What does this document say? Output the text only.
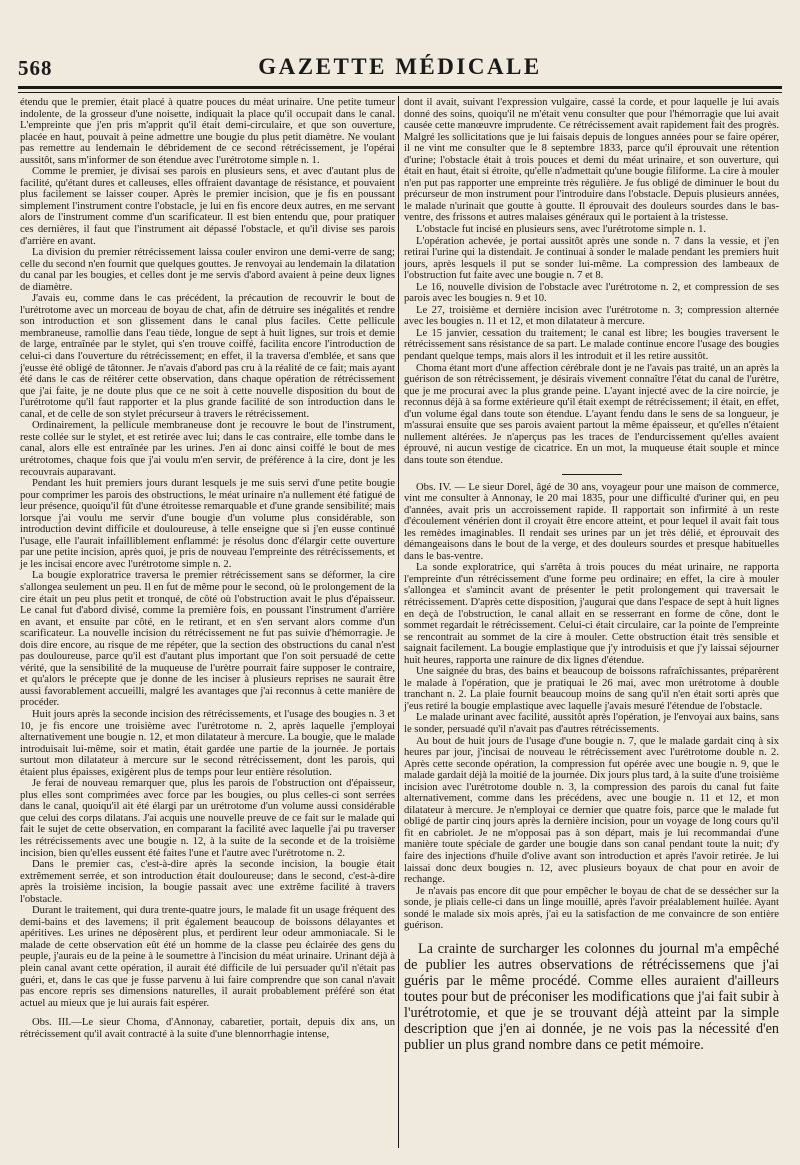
568	GAZETTE MÉDICALE

étendu que le premier, était placé à quatre pouces du méat urinaire. Une petite tumeur indolente, de la grosseur d'une noisette, indiquait la place qu'il occupait dans le canal. L'empreinte que j'en pris m'apprit qu'il était demi-circulaire, et que son ouverture, placée en haut, pouvait à peine admettre une bougie du plus petit diamètre. Ne voulant pas remettre au lendemain le débridement de ce second rétrécissement, je l'opérai aussitôt, sans m'informer de son étendue avec l'urétrotome simple n. 1.

Comme le premier, je divisai ses parois en plusieurs sens, et avec d'autant plus de facilité, qu'étant dures et calleuses, elles offraient davantage de résistance, et pouvaient plus facilement se laisser couper. Après le premier incision, que je fis en poussant simplement l'instrument contre l'obstacle, je lui en fis encore deux autres, en me servant alors de l'instrument comme d'un scarificateur. Il est bien entendu que, pour pratiquer ces dernières, il faut que l'instrument ait dépassé l'obstacle, et qu'il divise ses parois d'arrière en avant.

La division du premier rétrécissement laissa couler environ une demi-verre de sang; celle du second n'en fournit que quelques gouttes. Je renvoyai au lendemain la dilatation du canal par les bougies, et celles dont je me servis d'abord avaient à peine deux lignes de diamètre.

J'avais eu, comme dans le cas précédent, la précaution de recouvrir le bout de l'urétrotome avec un morceau de boyau de chat, afin de détruire ses inégalités et rendre son introduction et son glissement dans le canal plus faciles. Cette pellicule membraneuse, ramollie dans l'eau tiède, longue de sept à huit lignes, sur trois et demie de large, entraînée par le stylet, qui s'en trouve coiffé, facilita encore l'introduction de celui-ci dans l'ouverture du rétrécissement; en effet, il la traversa d'emblée, et sans que j'eusse été obligé de tâtonner. Je n'avais d'abord pas cru à la réalité de ce fait; mais ayant été dans le cas de réitérer cette observation, dans chaque opération de rétrécissement que j'ai faite, je ne doute plus que ce ne soit à cette nouvelle disposition du bout de l'urétrotome qu'il faut rapporter et la plus grande facilité de son introduction dans le canal, et de celle de son stylet précurseur à travers le rétrécissement.

Ordinairement, la pellicule membraneuse dont je recouvre le bout de l'instrument, reste collée sur le stylet, et est retirée avec lui; dans le cas contraire, elle tombe dans le canal, alors elle est entraînée par les urines. J'en ai donc ainsi coiffé le bout de mes urétrotomes, chaque fois que j'ai voulu m'en servir, de préférence à la cire, dont je les recouvrais auparavant.

Pendant les huit premiers jours durant lesquels je me suis servi d'une petite bougie pour comprimer les parois des obstructions, le méat urinaire n'a nullement été fatigué de leur présence, quoiqu'il fût d'une étroitesse remarquable et d'une grande sensibilité; mais lorsque j'ai voulu me servir d'une bougie d'un volume plus considérable, son introduction devint difficile et douloureuse, à telle enseigne que si j'en eusse continué l'usage, elle l'aurait infailliblement enflammé: je résolus donc d'élargir cette ouverture par une petite incision, après quoi, je pris de nouveau l'empreinte des rétrécissements, et je les incisai encore avec l'urétrotome simple n. 2.

La bougie exploratrice traversa le premier rétrécissement sans se déformer, la cire s'allongea seulement un peu. Il en fut de même pour le second, où le prolongement de la cire était un peu plus petit et tronqué, de côté où l'obstruction avait le plus d'épaisseur. Le canal fut d'abord divisé, comme la première fois, en poussant l'instrument d'arrière en avant, et ensuite par côté, en le retirant, et en s'en servant alors comme d'un scarificateur. La nouvelle incision du rétrécissement ne fut pas suivie d'hémorragie. Je dois dire encore, au risque de me répéter, que la section des obstructions du canal n'est pas douloureuse, parce qu'il est d'autant plus important que l'on soit persuadé de cette vérité, que la sensibilité de la muqueuse de l'urètre pourrait faire supposer le contraire, et qu'alors le précepte que je donne de les inciser à plusieurs reprises ne saurait être aussi favorablement accueilli, malgré les avantages que j'ai reconnus à cette manière de procéder.

Huit jours après la seconde incision des rétrécissements, et l'usage des bougies n. 3 et 10, je fis encore une troisième avec l'urétrotome n. 2, après laquelle j'employai alternativement une bougie n. 12, et mon dilatateur à mercure. La bougie, que le malade introduisait lui-même, soir et matin, était gardée une partie de la journée. Je portais surtout mon dilatateur à mercure sur le second rétrécissement, dont les parois, qui étaient plus épaisses, exigèrent plus de temps pour leur entière résolution.

Je ferai de nouveau remarquer que, plus les parois de l'obstruction ont d'épaisseur, plus elles sont comprimées avec force par les bougies, ou plus celles-ci sont serrées dans le canal, quoiqu'il ait été élargi par un urétrotome d'un volume aussi considérable que celui des corps dilatans. J'ai acquis une nouvelle preuve de ce fait sur le malade qui fait le sujet de cette observation, en comparant la facilité avec laquelle j'ai pu traverser les rétrécissements avec une bougie n. 12, à la suite de la seconde et de la troisième incision, bien qu'elles eussent été faites l'une et l'autre avec l'urétrotome n. 2.

Dans le premier cas, c'est-à-dire après la seconde incision, la bougie était extrêmement serrée, et son introduction était douloureuse; dans le second, c'est-à-dire après la troisième incision, la bougie passait avec une extrême facilité à travers l'obstacle.

Durant le traitement, qui dura trente-quatre jours, le malade fit un usage fréquent des demi-bains et des lavemens; il prit également beaucoup de boissons délayantes et apéritives. Les urines ne déposèrent plus, et perdirent leur odeur ammoniacale. Si le malade de cette observation eût été un homme de la classe peu éclairée des gens du peuple, j'aurais eu de la peine à le soumettre à l'incision du méat urinaire. Urinant déjà à plein canal avant cette opération, il aurait été difficile de lui persuader qu'il n'était pas guéri, et, dans le cas que je fusse parvenu à lui faire comprendre que son canal n'avait pas encore repris ses dimensions naturelles, il aurait probablement préféré son état actuel au mieux que je lui aurais fait espérer.

Obs. III.—Le sieur Choma, d'Annonay, cabaretier, portait, depuis dix ans, un rétrécissement qu'il avait contracté à la suite d'une blennorrhagie intense,

dont il avait, suivant l'expression vulgaire, cassé la corde, et pour laquelle je lui avais donné des soins, quoiqu'il ne m'était venu consulter que pour l'hémorragie que lui avait causée cette manœuvre imprudente. Ce rétrécissement avait rapidement fait des progrès. Malgré les sollicitations que je lui faisais depuis de longues années pour se faire opérer, il ne vint me consulter que le 8 septembre 1833, parce qu'il éprouvait une rétention d'urine; l'obstacle était à trois pouces et demi du méat urinaire, et son ouverture, qui était en haut, était si étroite, qu'elle n'admettait qu'une bougie filiforme. La cire à mouler n'en put pas rapporter une empreinte très régulière. Je fus obligé de diminuer le bout du précurseur de mon instrument pour l'introduire dans l'obstacle. Depuis plusieurs années, le malade n'urinait que goutte à goutte. Il éprouvait des douleurs sourdes dans le bas-ventre, des frissons et autres malaises généraux qui le portaient à la tristesse.

L'obstacle fut incisé en plusieurs sens, avec l'urétrotome simple n. 1.

L'opération achevée, je portai aussitôt après une sonde n. 7 dans la vessie, et j'en retirai l'urine qui la distendait. Je continuai à sonder le malade pendant les premiers huit jours, après lesquels il put se sonder lui-même. La compression des lambeaux de l'obstruction fut faite avec une bougie n. 7 et 8.

Le 16, nouvelle division de l'obstacle avec l'urétrotome n. 2, et compression de ses parois avec les bougies n. 9 et 10.

Le 27, troisième et dernière incision avec l'urétrotome n. 3; compression alternée avec les bougies n. 11 et 12, et mon dilatateur à mercure.

Le 15 janvier, cessation du traitement; le canal est libre; les bougies traversent le rétrécissement sans résistance de sa part. Le malade continue encore l'usage des bougies pendant quelque temps, mais alors il les introduit et il les retire aussitôt.

Choma étant mort d'une affection cérébrale dont je ne l'avais pas traité, un an après la guérison de son rétrécissement, je désirais vivement connaître l'état du canal de l'urètre, que je me procurai avec la plus grande peine. L'ayant injecté avec de la cire noircie, je reconnus déjà à sa forme extérieure qu'il était exempt de rétrécissement; il était, en effet, d'un volume égal dans toute son étendue. L'ayant fendu dans le sens de sa longueur, je m'assurai ensuite que ses parois avaient partout la même épaisseur, et qu'elles n'étaient nullement altérées. Je n'aperçus pas les traces de l'endurcissement qu'elles avaient éprouvé, ni aucun vestige de cicatrice. En un mot, la muqueuse était souple et mince dans toute son étendue.

Obs. IV. — Le sieur Dorel, âgé de 30 ans, voyageur pour une maison de commerce, vint me consulter à Annonay, le 20 mai 1835, pour une difficulté d'uriner qui, en peu d'années, avait pris un accroissement rapide. Il rapportait son infirmité à un reste d'écoulement vénérien dont il croyait être encore atteint, et pour lequel il avait fait tous les remèdes imaginables. Il rendait ses urines par un jet très délié, et éprouvait des démangeaisons dans le bout de la verge, et des douleurs sourdes et presque habituelles dans le bas-ventre.

La sonde exploratrice, qui s'arrêta à trois pouces du méat urinaire, ne rapporta l'empreinte d'un rétrécissement d'une forme peu ordinaire; en effet, la cire à mouler s'allongea et s'amincit avant de présenter le petit prolongement qui traversait le rétrécissement. D'après cette disposition, j'augurai que dans l'espace de sept à huit lignes en deçà de l'obstruction, le canal allait en se resserrant en forme de cône, dont le sommet regardait le rétrécissement. Celui-ci était circulaire, car la pointe de l'empreinte se rencontrait au sommet de la cire à mouler. Cette obstruction était très sensible et saignait facilement. La bougie emplastique que j'y introduisis et que j'y laissai séjourner huit heures, rapporta une rainure de dix lignes d'étendue.

Une saignée du bras, des bains et beaucoup de boissons rafraîchissantes, préparèrent le malade à l'opération, que je pratiquai le 26 mai, avec mon urétrotome à double tranchant n. 2. La plaie fournit beaucoup moins de sang qu'il n'en était sorti après que j'eus retiré la bougie emplastique avec laquelle j'avais mesuré l'étendue de l'obstacle.

Le malade urinant avec facilité, aussitôt après l'opération, je l'envoyai aux bains, sans le sonder, persuadé qu'il n'avait pas d'autres rétrécissements.

Au bout de huit jours de l'usage d'une bougie n. 7, que le malade gardait cinq à six heures par jour, j'incisai de nouveau le rétrécissement avec l'urétrotome double n. 2. Après cette seconde opération, la compression fut opérée avec une bougie n. 9, que le malade gardait déjà la moitié de la journée. Dix jours plus tard, à la suite d'une troisième incision avec l'urétrotome double n. 3, la compression des parois du canal fut faite alternativement, comme dans les précédens, avec une bougie n. 11 et 12, et mon dilatateur à mercure. Je n'employai ce dernier que quatre fois, parce que le malade fut obligé de partir cinq jours après la dernière incision, pour un voyage de long cours qu'il fit en cabriolet. Je ne m'opposai pas à son départ, mais je lui recommandai d'une manière toute spéciale de garder une bougie dans son canal pendant toute la nuit; d'y faire des injections d'huile d'olive avant son introduction et après l'avoir retirée. Je lui laissai donc deux bougies n. 12, avec plusieurs boyaux de chat pour en avoir de rechange.

Je n'avais pas encore dit que pour empêcher le boyau de chat de se dessécher sur la sonde, je pliais celle-ci dans un linge mouillé, après l'avoir préalablement huilée. Ayant sondé le malade six mois après, j'ai eu la satisfaction de me convaincre de son entière guérison.

La crainte de surcharger les colonnes du journal m'a empêché de publier les autres observations de rétrécissemens que j'ai guéris par le même procédé. Comme elles auraient d'ailleurs toutes pour but de préconiser les modifications que j'ai fait subir à l'urétrotomie, et que je se trouvant déjà atteint par la simple description que j'en ai donnée, je ne vois pas la nécessité d'en publier un plus grand nombre dans ce petit mémoire.
